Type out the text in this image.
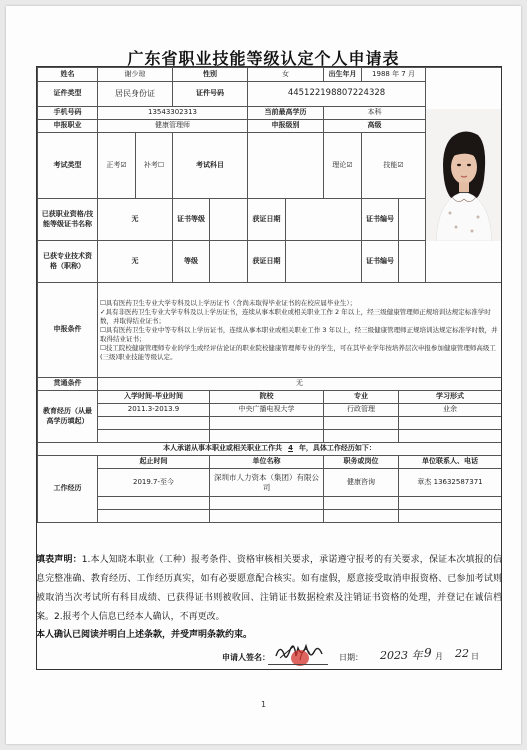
广东省职业技能等级认定个人申请表
姓名	谢少琼		性别		女		出生年月	1988 年 7 月	

证件类型	居民身份证		证件号码		445122198807224328					
手机号码	13543302313				当前最高学历		本科			
申报职业	健康管理师				申报级别		高级			
考试类型	正考☑	补考☐	考试科目				理论☑	技能☑		
已获职业资格/技能等级证书名称	无		证书等级		获证日期			证书编号		
已获专业技术资格（职称）	无		等级		获证日期			证书编号		
申报条件	☐具有医药卫生专业大学专科及以上学历证书（含尚未取得毕业证书的在校应届毕业生）；
✓具有非医药卫生专业大学专科及以上学历证书，连续从事本职业或相关职业工作 2 年以上，经三级健康管理师正规培训达规定标准学时数，并取得结业证书；
☐具有医药卫生专业中等专科以上学历证书，连续从事本职业或相关职业工作 3 年以上，经三级健康管理师正规培训达规定标准学时数，并取得结业证书；
☐技工院校健康管理师专业的学生或经评估论证的职业院校健康管理师专业的学生，可在其毕业学年按培养层次申报参加健康管理师高级工(三级)职业技能等级认定。									

贯通条件	无									
教育经历（从最高学历填起）	入学时间-毕业时间			院校			专业		学习形式	
	2011.3-2013.9			中央广播电视大学			行政管理		业余	

本人承诺从事本职业或相关职业工作共 4 年，具体工作经历如下：										
工作经历	起止时间			单位名称			职务或岗位		单位联系人、电话	
	2019.7-至今			深圳市人力资本（集团）有限公司			健康咨询		章杰 13632587371	

填表声明：1.本人知晓本职业（工种）报考条件、资格审核相关要求，承诺遵守报考的有关要求，保证本次填报的信息完整准确、教育经历、工作经历真实，如有必要愿意配合核实。如有虚假，愿意接受取消申报资格、已参加考试则被取消当次考试所有科目成绩、已获得证书则被收回、注销证书数据检索及注销证书资格的处理，并登记在诚信档案。2.报考个人信息已经本人确认，不再更改。
本人确认已阅读并明白上述条款，并受声明条款约束。
申请人签名：	日期： 2023 年 9 月 22 日
1
